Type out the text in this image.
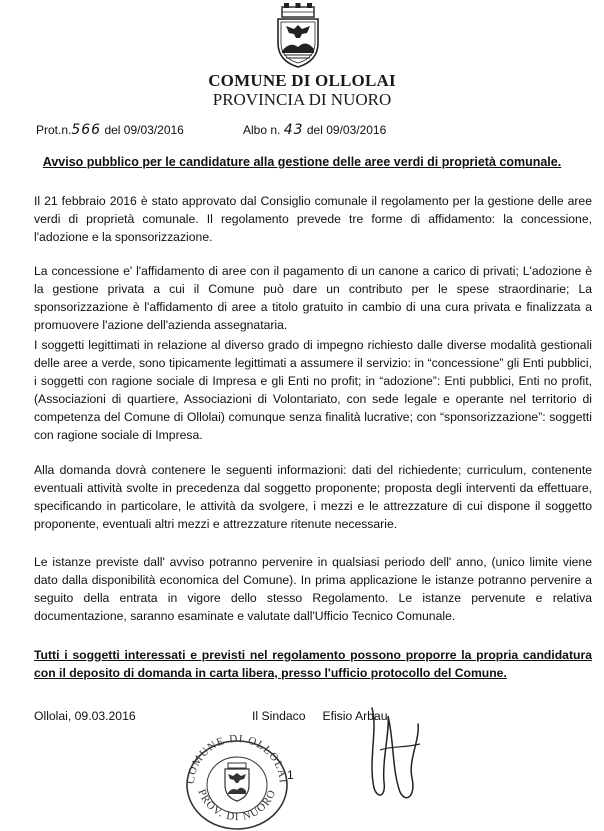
COMUNE DI OLLOLAI
PROVINCIA DI NUORO
Prot.n.566 del 09/03/2016	Albo n. 43 del 09/03/2016
Avviso pubblico per le candidature alla gestione delle aree verdi di proprietà comunale.

Il 21 febbraio 2016 è stato approvato dal Consiglio comunale il regolamento per la gestione delle aree verdi di proprietà comunale. Il regolamento prevede tre forme di affidamento: la concessione, l'adozione e la sponsorizzazione.

La concessione e' l'affidamento di aree con il pagamento di un canone a carico di privati; L'adozione è la gestione privata a cui il Comune può dare un contributo per le spese straordinarie; La sponsorizzazione è l'affidamento di aree a titolo gratuito in cambio di una cura privata e finalizzata a promuovere l'azione dell'azienda assegnataria.

I soggetti legittimati in relazione al diverso grado di impegno richiesto dalle diverse modalità gestionali delle aree a verde, sono tipicamente legittimati a assumere il servizio: in “concessione” gli Enti pubblici, i soggetti con ragione sociale di Impresa e gli Enti no profit; in “adozione”: Enti pubblici, Enti no profit, (Associazioni di quartiere, Associazioni di Volontariato, con sede legale e operante nel territorio di competenza del Comune di Ollolai) comunque senza finalità lucrative; con “sponsorizzazione”: soggetti con ragione sociale di Impresa.

Alla domanda dovrà contenere le seguenti informazioni: dati del richiedente; curriculum, contenente eventuali attività svolte in precedenza dal soggetto proponente; proposta degli interventi da effettuare, specificando in particolare, le attività da svolgere, i mezzi e le attrezzature di cui dispone il soggetto proponente, eventuali altri mezzi e attrezzature ritenute necessarie.

Le istanze previste dall' avviso potranno pervenire in qualsiasi periodo dell' anno, (unico limite viene dato dalla disponibilità economica del Comune). In prima applicazione le istanze potranno pervenire a seguito della entrata in vigore dello stesso Regolamento. Le istanze pervenute e relativa documentazione, saranno esaminate e valutate dall'Ufficio Tecnico Comunale.

Tutti i soggetti interessati e previsti nel regolamento possono proporre la propria candidatura con il deposito di domanda in carta libera, presso l'ufficio protocollo del Comune.

Ollolai, 09.03.2016	Il Sindaco     Efisio Arbau
COMUNE DI OLLOLAI
PROV. DI NUORO
1
